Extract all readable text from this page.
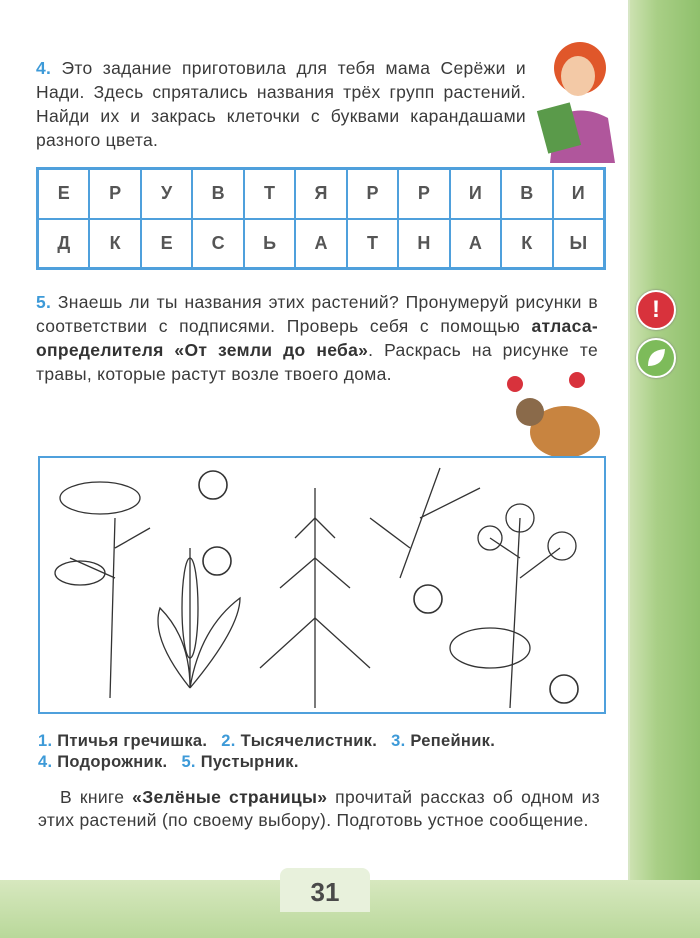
4. Это задание приготовила для тебя мама Серёжи и Нади. Здесь спрятались названия трёх групп растений. Найди их и закрась клеточки с буквами карандашами разного цвета.
Е	Р	У	В	Т	Я	Р	Р	И	В	И
Д	К	Е	С	Ь	А	Т	Н	А	К	Ы
5. Знаешь ли ты названия этих растений? Пронумеруй рисунки в соответствии с подписями. Проверь себя с помощью атласа-определителя «От земли до неба». Раскрась на рисунке те травы, которые растут возле твоего дома.
!
1. Птичья гречишка. 2. Тысячелистник. 3. Репейник.
4. Подорожник. 5. Пустырник.
В книге «Зелёные страницы» прочитай рассказ об одном из этих растений (по своему выбору). Подготовь устное сообщение.
31
